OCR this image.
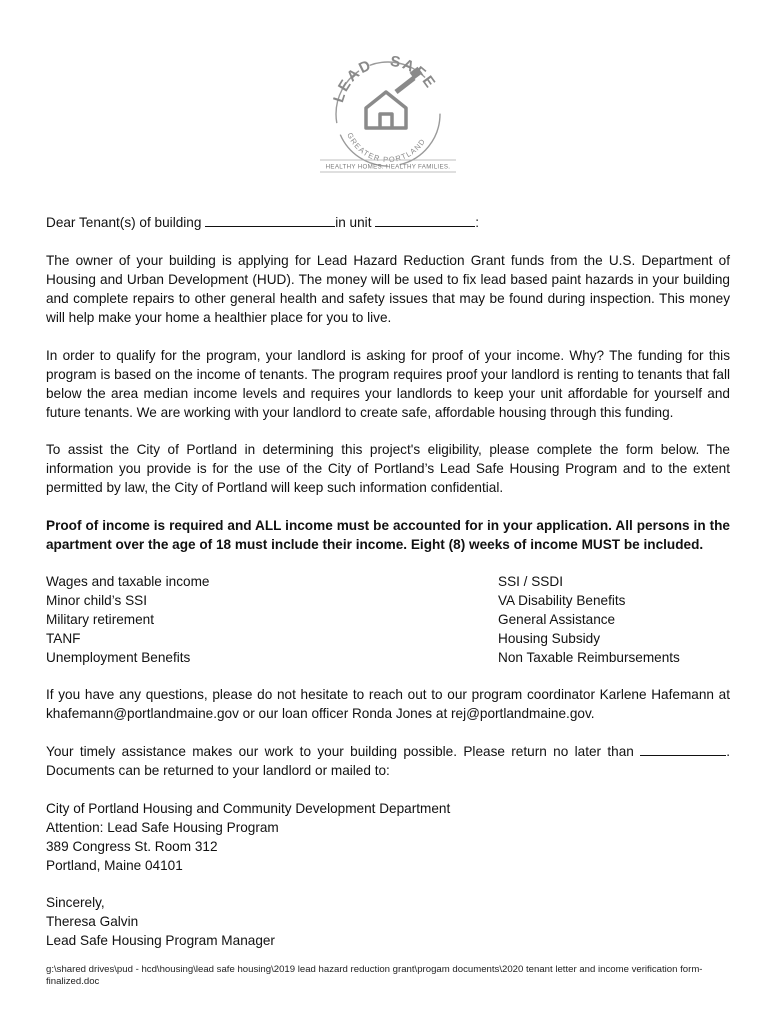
LEAD SAFE
GREATER PORTLAND
HEALTHY HOMES. HEALTHY FAMILIES.
Dear Tenant(s) of building	in unit	:
The owner of your building is applying for Lead Hazard Reduction Grant funds from the U.S. Department of Housing and Urban Development (HUD). The money will be used to fix lead based paint hazards in your building and complete repairs to other general health and safety issues that may be found during inspection. This money will help make your home a healthier place for you to live.
In order to qualify for the program, your landlord is asking for proof of your income. Why? The funding for this program is based on the income of tenants. The program requires proof your landlord is renting to tenants that fall below the area median income levels and requires your landlords to keep your unit affordable for yourself and future tenants. We are working with your landlord to create safe, affordable housing through this funding.
To assist the City of Portland in determining this project's eligibility, please complete the form below. The information you provide is for the use of the City of Portland’s Lead Safe Housing Program and to the extent permitted by law, the City of Portland will keep such information confidential.
Proof of income is required and ALL income must be accounted for in your application. All persons in the apartment over the age of 18 must include their income. Eight (8) weeks of income MUST be included.
Wages and taxable income
Minor child’s SSI
Military retirement
TANF
Unemployment Benefits
SSI / SSDI
VA Disability Benefits
General Assistance
Housing Subsidy
Non Taxable Reimbursements
If you have any questions, please do not hesitate to reach out to our program coordinator Karlene Hafemann at khafemann@portlandmaine.gov or our loan officer Ronda Jones at rej@portlandmaine.gov.
Your timely assistance makes our work to your building possible. Please return no later than	. Documents can be returned to your landlord or mailed to:
City of Portland Housing and Community Development Department
Attention: Lead Safe Housing Program
389 Congress St. Room 312
Portland, Maine 04101
Sincerely,
Theresa Galvin
Lead Safe Housing Program Manager
g:\shared drives\pud - hcd\housing\lead safe housing\2019 lead hazard reduction grant\progam documents\2020 tenant letter and income verification form- finalized.doc
